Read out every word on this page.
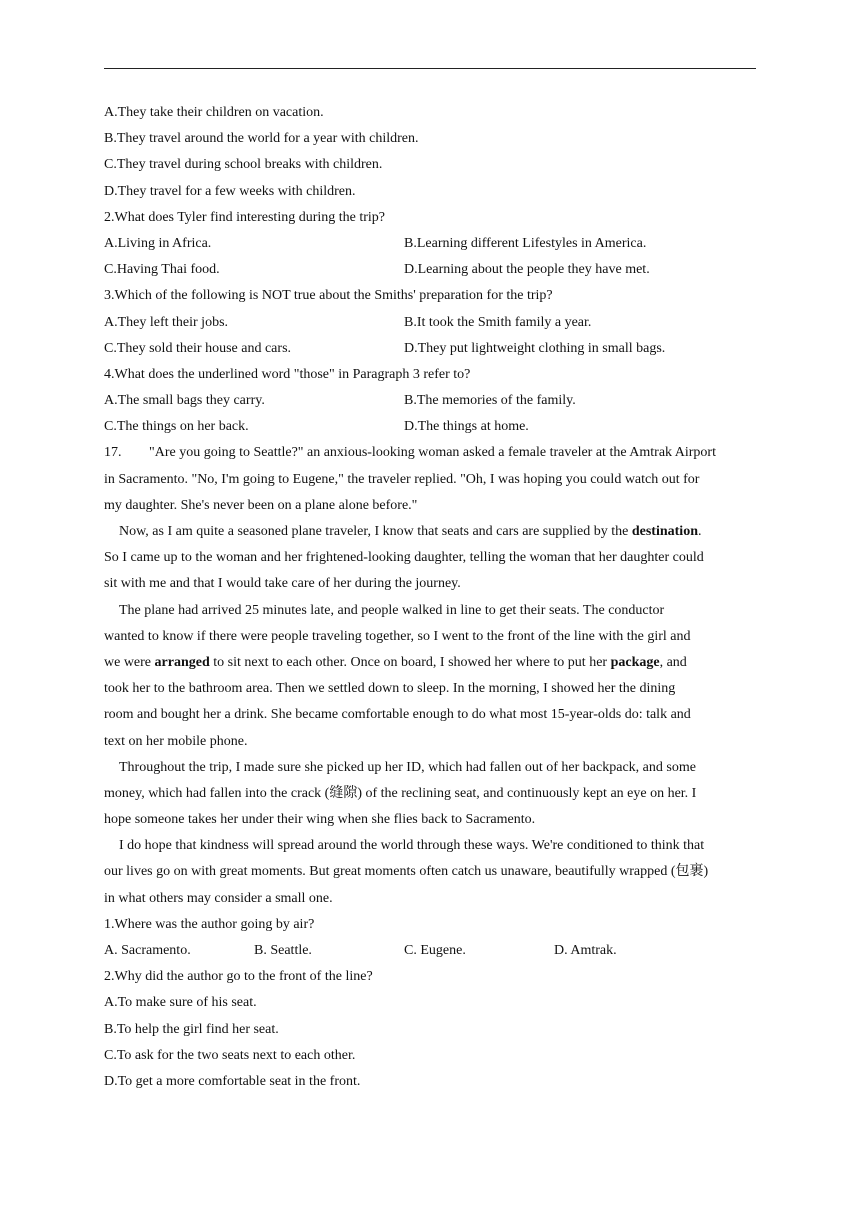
A.They take their children on vacation.
B.They travel around the world for a year with children.
C.They travel during school breaks with children.
D.They travel for a few weeks with children.
2.What does Tyler find interesting during the trip?
A.Living in Africa.	B.Learning different Lifestyles in America.
C.Having Thai food.	D.Learning about the people they have met.
3.Which of the following is NOT true about the Smiths' preparation for the trip?
A.They left their jobs.	B.It took the Smith family a year.
C.They sold their house and cars.	D.They put lightweight clothing in small bags.
4.What does the underlined word "those" in Paragraph 3 refer to?
A.The small bags they carry.	B.The memories of the family.
C.The things on her back.	D.The things at home.
17. "Are you going to Seattle?" an anxious-looking woman asked a female traveler at the Amtrak Airport
in Sacramento. "No, I'm going to Eugene," the traveler replied. "Oh, I was hoping you could watch out for
my daughter. She's never been on a plane alone before."
Now, as I am quite a seasoned plane traveler, I know that seats and cars are supplied by the destination.
So I came up to the woman and her frightened-looking daughter, telling the woman that her daughter could
sit with me and that I would take care of her during the journey.
The plane had arrived 25 minutes late, and people walked in line to get their seats. The conductor
wanted to know if there were people traveling together, so I went to the front of the line with the girl and
we were arranged to sit next to each other. Once on board, I showed her where to put her package, and
took her to the bathroom area. Then we settled down to sleep. In the morning, I showed her the dining
room and bought her a drink. She became comfortable enough to do what most 15-year-olds do: talk and
text on her mobile phone.
Throughout the trip, I made sure she picked up her ID, which had fallen out of her backpack, and some
money, which had fallen into the crack (缝隙) of the reclining seat, and continuously kept an eye on her. I
hope someone takes her under their wing when she flies back to Sacramento.
I do hope that kindness will spread around the world through these ways. We're conditioned to think that
our lives go on with great moments. But great moments often catch us unaware, beautifully wrapped (包裹)
in what others may consider a small one.
1.Where was the author going by air?
A. Sacramento.	B. Seattle.	C. Eugene.	D. Amtrak.
2.Why did the author go to the front of the line?
A.To make sure of his seat.
B.To help the girl find her seat.
C.To ask for the two seats next to each other.
D.To get a more comfortable seat in the front.
